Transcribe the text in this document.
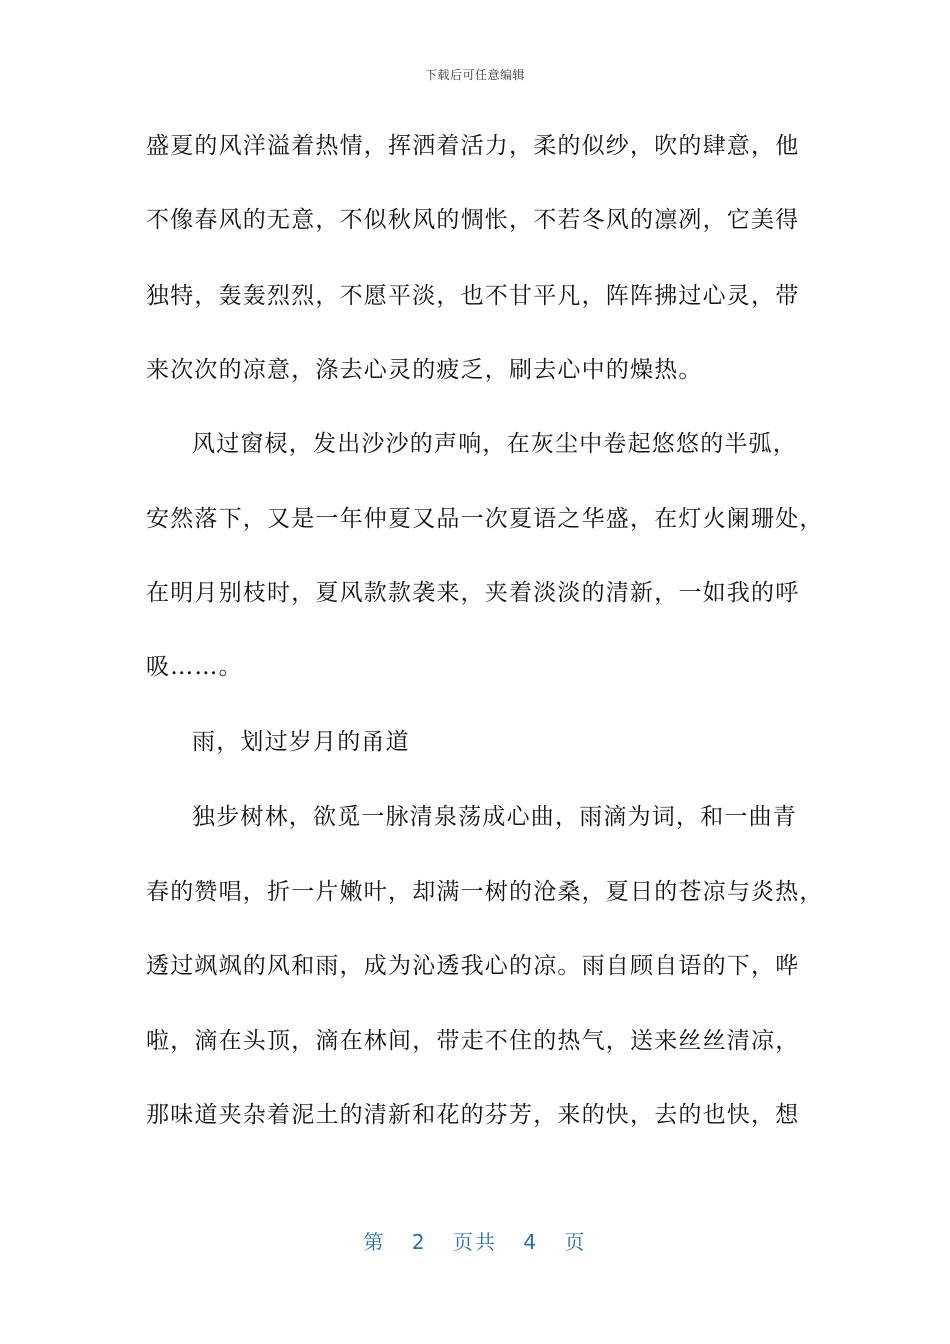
下载后可任意编辑
盛夏的风洋溢着热情，挥洒着活力，柔的似纱，吹的肆意，他
不像春风的无意，不似秋风的惆怅，不若冬风的凛冽，它美得
独特，轰轰烈烈，不愿平淡，也不甘平凡，阵阵拂过心灵，带
来次次的凉意，涤去心灵的疲乏，刷去心中的燥热。
风过窗棂，发出沙沙的声响，在灰尘中卷起悠悠的半弧，
安然落下，又是一年仲夏又品一次夏语之华盛，在灯火阑珊处，
在明月别枝时，夏风款款袭来，夹着淡淡的清新，一如我的呼
吸……。
雨，划过岁月的甬道
独步树林，欲觅一脉清泉荡成心曲，雨滴为词，和一曲青
春的赞唱，折一片嫩叶，却满一树的沧桑，夏日的苍凉与炎热，
透过飒飒的风和雨，成为沁透我心的凉。雨自顾自语的下，哗
啦，滴在头顶，滴在林间，带走不住的热气，送来丝丝清凉，
那味道夹杂着泥土的清新和花的芬芳，来的快，去的也快，想
第 2 页共 4 页
